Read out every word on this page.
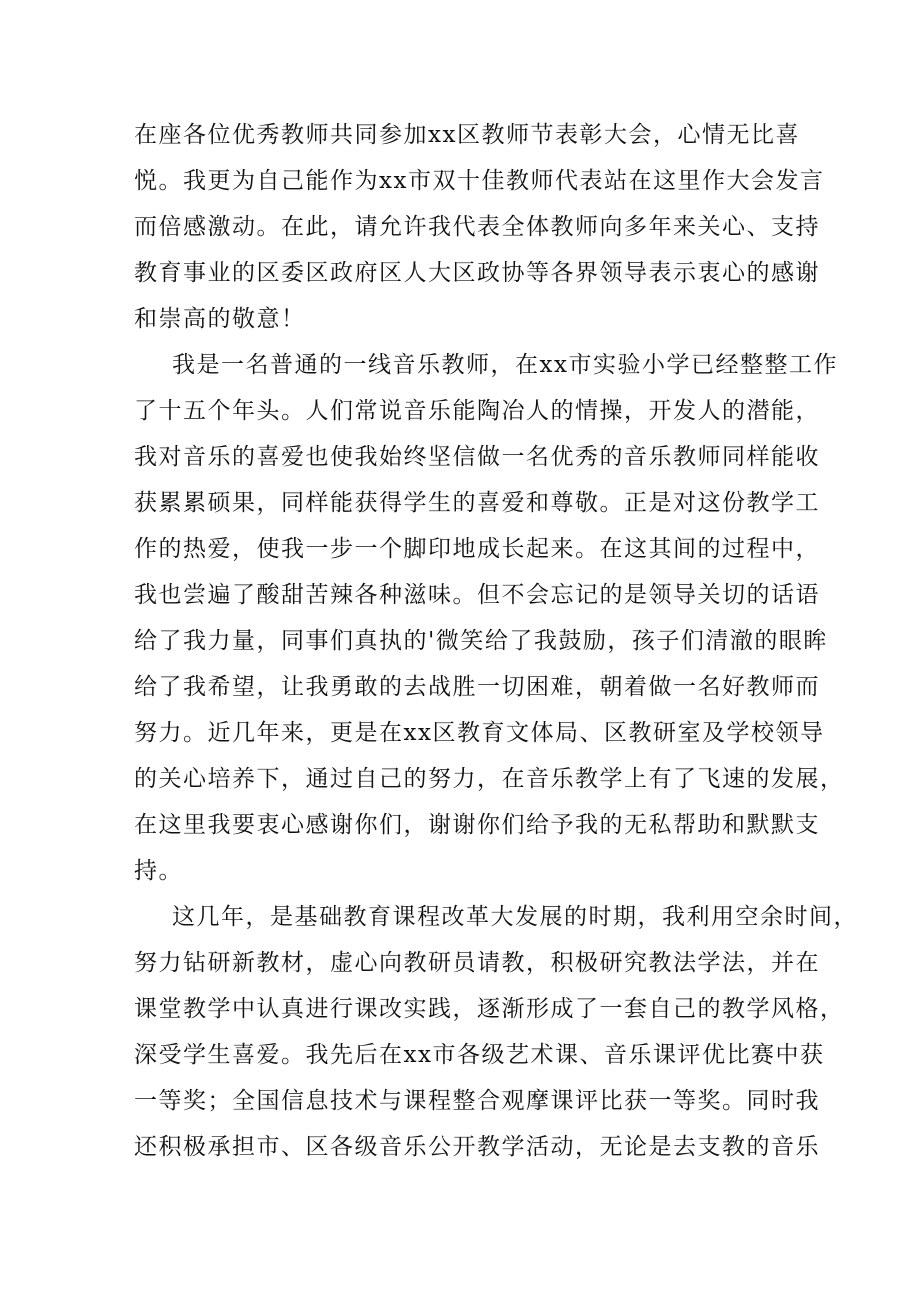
在座各位优秀教师共同参加xx区教师节表彰大会，心情无比喜
悦。我更为自己能作为xx市双十佳教师代表站在这里作大会发言
而倍感激动。在此，请允许我代表全体教师向多年来关心、支持
教育事业的区委区政府区人大区政协等各界领导表示衷心的感谢
和崇高的敬意！
我是一名普通的一线音乐教师，在xx市实验小学已经整整工作
了十五个年头。人们常说音乐能陶冶人的情操，开发人的潜能，
我对音乐的喜爱也使我始终坚信做一名优秀的音乐教师同样能收
获累累硕果，同样能获得学生的喜爱和尊敬。正是对这份教学工
作的热爱，使我一步一个脚印地成长起来。在这其间的过程中，
我也尝遍了酸甜苦辣各种滋味。但不会忘记的是领导关切的话语
给了我力量，同事们真执的'微笑给了我鼓励，孩子们清澈的眼眸
给了我希望，让我勇敢的去战胜一切困难，朝着做一名好教师而
努力。近几年来，更是在xx区教育文体局、区教研室及学校领导
的关心培养下，通过自己的努力，在音乐教学上有了飞速的发展，
在这里我要衷心感谢你们，谢谢你们给予我的无私帮助和默默支
持。
这几年，是基础教育课程改革大发展的时期，我利用空余时间，
努力钻研新教材，虚心向教研员请教，积极研究教法学法，并在
课堂教学中认真进行课改实践，逐渐形成了一套自己的教学风格，
深受学生喜爱。我先后在xx市各级艺术课、音乐课评优比赛中获
一等奖；全国信息技术与课程整合观摩课评比获一等奖。同时我
还积极承担市、区各级音乐公开教学活动，无论是去支教的音乐
